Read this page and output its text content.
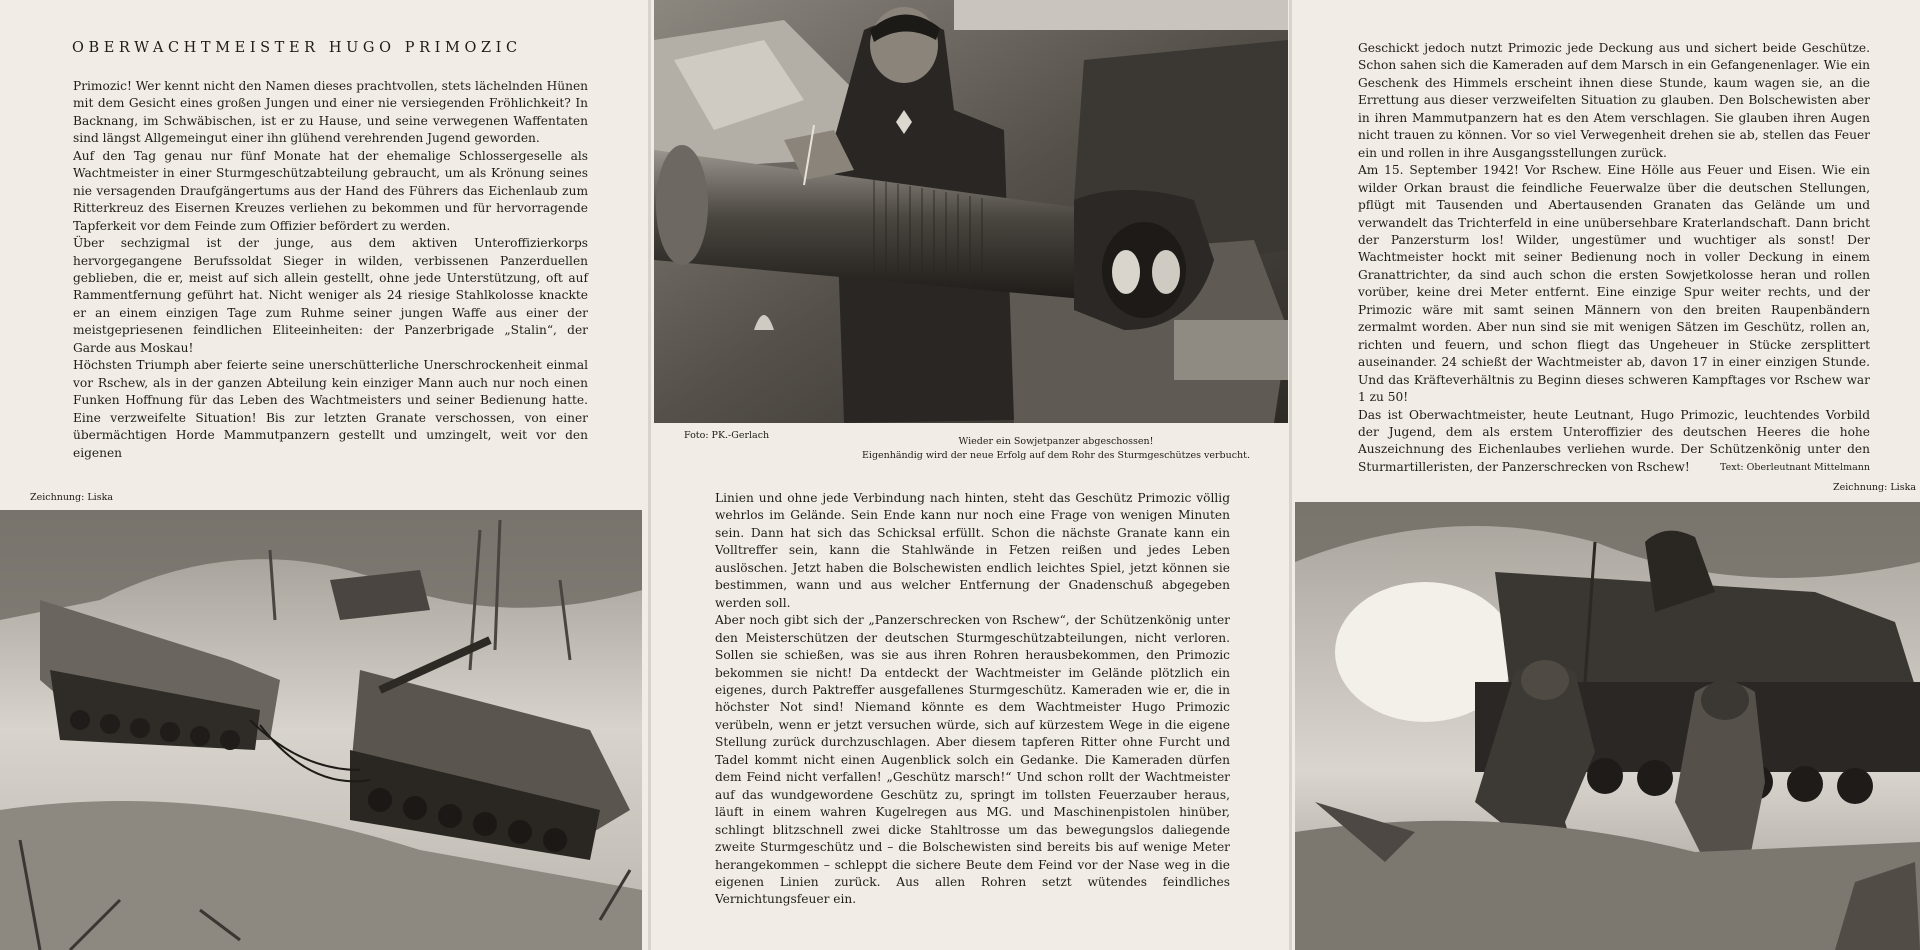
OBERWACHTMEISTER HUGO PRIMOZIC

Primozic! Wer kennt nicht den Namen dieses prachtvollen, stets lächelnden Hünen mit dem Gesicht eines großen Jungen und einer nie versiegenden Fröhlichkeit? In Backnang, im Schwäbischen, ist er zu Hause, und seine verwegenen Waffentaten sind längst Allgemeingut einer ihn glühend verehrenden Jugend geworden.

Auf den Tag genau nur fünf Monate hat der ehemalige Schlossergeselle als Wachtmeister in einer Sturmgeschützabteilung gebraucht, um als Krönung seines nie versagenden Draufgängertums aus der Hand des Führers das Eichenlaub zum Ritterkreuz des Eisernen Kreuzes verliehen zu bekommen und für hervorragende Tapferkeit vor dem Feinde zum Offizier befördert zu werden.

Über sechzigmal ist der junge, aus dem aktiven Unteroffizierkorps hervorgegangene Berufssoldat Sieger in wilden, verbissenen Panzerduellen geblieben, die er, meist auf sich allein gestellt, ohne jede Unterstützung, oft auf Rammentfernung geführt hat. Nicht weniger als 24 riesige Stahlkolosse knackte er an einem einzigen Tage zum Ruhme seiner jungen Waffe aus einer der meistgepriesenen feindlichen Eliteeinheiten: der Panzerbrigade „Stalin“, der Garde aus Moskau!

Höchsten Triumph aber feierte seine unerschütterliche Unerschrockenheit einmal vor Rschew, als in der ganzen Abteilung kein einziger Mann auch nur noch einen Funken Hoffnung für das Leben des Wachtmeisters und seiner Bedienung hatte. Eine verzweifelte Situation! Bis zur letzten Granate verschossen, von einer übermächtigen Horde Mammutpanzern gestellt und umzingelt, weit vor den eigenen

Zeichnung: Liska
Foto: PK.-Gerlach
Wieder ein Sowjetpanzer abgeschossen!
Eigenhändig wird der neue Erfolg auf dem Rohr des Sturmgeschützes verbucht.

Linien und ohne jede Verbindung nach hinten, steht das Geschütz Primozic völlig wehrlos im Gelände. Sein Ende kann nur noch eine Frage von wenigen Minuten sein. Dann hat sich das Schicksal erfüllt. Schon die nächste Granate kann ein Volltreffer sein, kann die Stahlwände in Fetzen reißen und jedes Leben auslöschen. Jetzt haben die Bolschewisten endlich leichtes Spiel, jetzt können sie bestimmen, wann und aus welcher Entfernung der Gnadenschuß abgegeben werden soll.

Aber noch gibt sich der „Panzerschrecken von Rschew“, der Schützenkönig unter den Meisterschützen der deutschen Sturmgeschützabteilungen, nicht verloren. Sollen sie schießen, was sie aus ihren Rohren herausbekommen, den Primozic bekommen sie nicht! Da entdeckt der Wachtmeister im Gelände plötzlich ein eigenes, durch Paktreffer ausgefallenes Sturmgeschütz. Kameraden wie er, die in höchster Not sind! Niemand könnte es dem Wachtmeister Hugo Primozic verübeln, wenn er jetzt versuchen würde, sich auf kürzestem Wege in die eigene Stellung zurück durchzuschlagen. Aber diesem tapferen Ritter ohne Furcht und Tadel kommt nicht einen Augenblick solch ein Gedanke. Die Kameraden dürfen dem Feind nicht verfallen! „Geschütz marsch!“ Und schon rollt der Wachtmeister auf das wundgewordene Geschütz zu, springt im tollsten Feuerzauber heraus, läuft in einem wahren Kugelregen aus MG. und Maschinenpistolen hinüber, schlingt blitzschnell zwei dicke Stahltrosse um das bewegungslos daliegende zweite Sturmgeschütz und – die Bolschewisten sind bereits bis auf wenige Meter herangekommen – schleppt die sichere Beute dem Feind vor der Nase weg in die eigenen Linien zurück. Aus allen Rohren setzt wütendes feindliches Vernichtungsfeuer ein.

Geschickt jedoch nutzt Primozic jede Deckung aus und sichert beide Geschütze. Schon sahen sich die Kameraden auf dem Marsch in ein Gefangenenlager. Wie ein Geschenk des Himmels erscheint ihnen diese Stunde, kaum wagen sie, an die Errettung aus dieser verzweifelten Situation zu glauben. Den Bolschewisten aber in ihren Mammutpanzern hat es den Atem verschlagen. Sie glauben ihren Augen nicht trauen zu können. Vor so viel Verwegenheit drehen sie ab, stellen das Feuer ein und rollen in ihre Ausgangsstellungen zurück.

Am 15. September 1942! Vor Rschew. Eine Hölle aus Feuer und Eisen. Wie ein wilder Orkan braust die feindliche Feuerwalze über die deutschen Stellungen, pflügt mit Tausenden und Abertausenden Granaten das Gelände um und verwandelt das Trichterfeld in eine unübersehbare Kraterlandschaft. Dann bricht der Panzersturm los! Wilder, ungestümer und wuchtiger als sonst! Der Wachtmeister hockt mit seiner Bedienung noch in voller Deckung in einem Granattrichter, da sind auch schon die ersten Sowjetkolosse heran und rollen vorüber, keine drei Meter entfernt. Eine einzige Spur weiter rechts, und der Primozic wäre mit samt seinen Männern von den breiten Raupenbändern zermalmt worden. Aber nun sind sie mit wenigen Sätzen im Geschütz, rollen an, richten und feuern, und schon fliegt das Ungeheuer in Stücke zersplittert auseinander. 24 schießt der Wachtmeister ab, davon 17 in einer einzigen Stunde. Und das Kräfteverhältnis zu Beginn dieses schweren Kampftages vor Rschew war 1 zu 50!

Das ist Oberwachtmeister, heute Leutnant, Hugo Primozic, leuchtendes Vorbild der Jugend, dem als erstem Unteroffizier des deutschen Heeres die hohe Auszeichnung des Eichenlaubes verliehen wurde. Der Schützenkönig unter den Sturmartilleristen, der Panzerschrecken von Rschew!	Text: Oberleutnant Mittelmann

Zeichnung: Liska
